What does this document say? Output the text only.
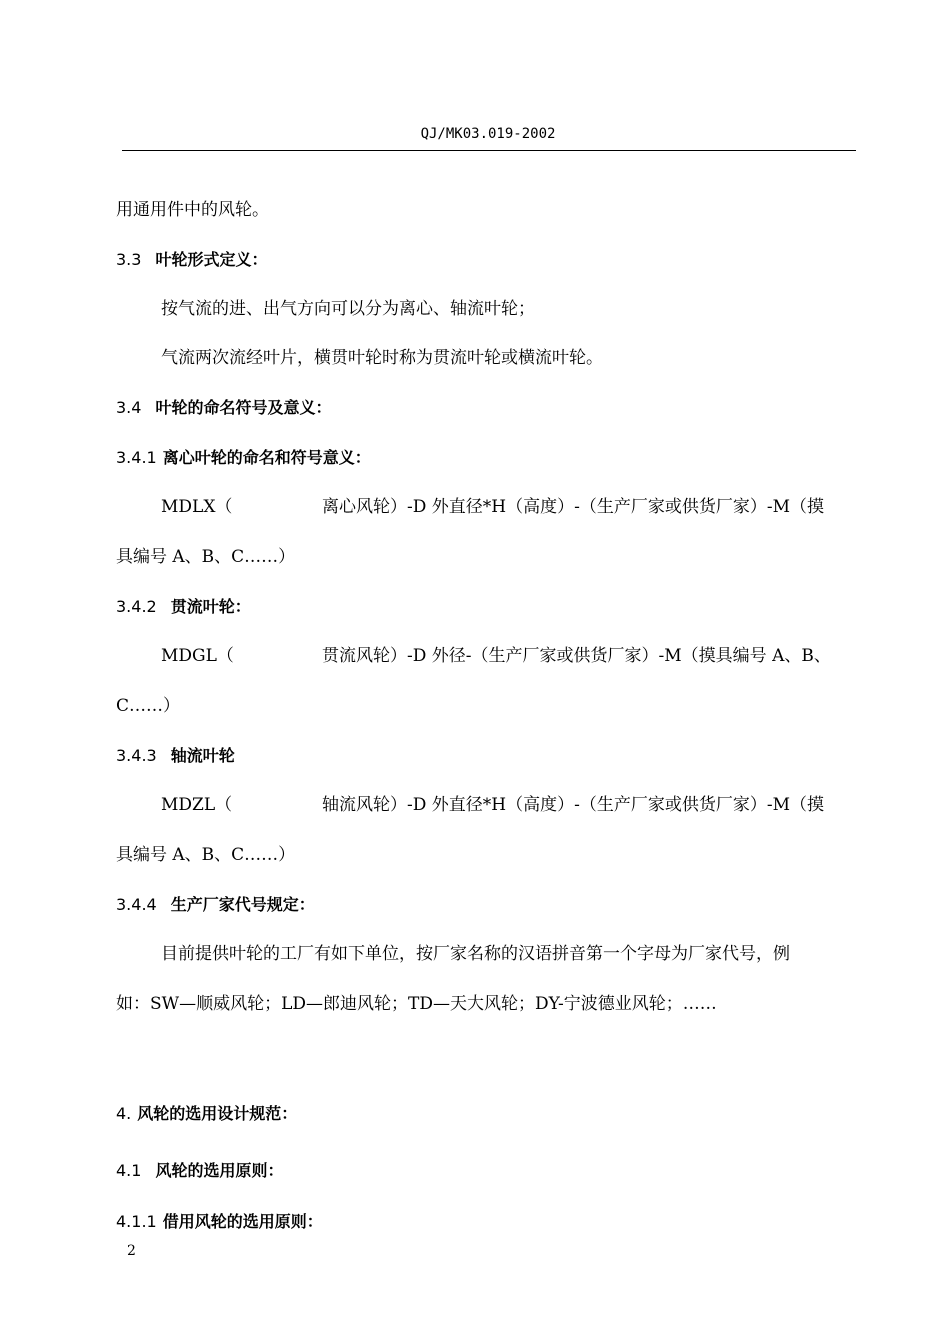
QJ/MK03.019-2002
用通用件中的风轮。
3.3 叶轮形式定义：
按气流的进、出气方向可以分为离心、轴流叶轮；
气流两次流经叶片，横贯叶轮时称为贯流叶轮或横流叶轮。
3.4 叶轮的命名符号及意义：
3.4.1 离心叶轮的命名和符号意义：
MDLX（	离心风轮）-D 外直径*H（高度）-（生产厂家或供货厂家）-M（摸
具编号 A、B、C……）
3.4.2 贯流叶轮：
MDGL（	贯流风轮）-D 外径-（生产厂家或供货厂家）-M（摸具编号 A、B、
C……）
3.4.3 轴流叶轮
MDZL（	轴流风轮）-D 外直径*H（高度）-（生产厂家或供货厂家）-M（摸
具编号 A、B、C……）
3.4.4 生产厂家代号规定：
目前提供叶轮的工厂有如下单位，按厂家名称的汉语拼音第一个字母为厂家代号，例
如：SW—顺威风轮；LD—郎迪风轮；TD—天大风轮；DY-宁波德业风轮；……
4. 风轮的选用设计规范：
4.1 风轮的选用原则：
4.1.1 借用风轮的选用原则：
2
